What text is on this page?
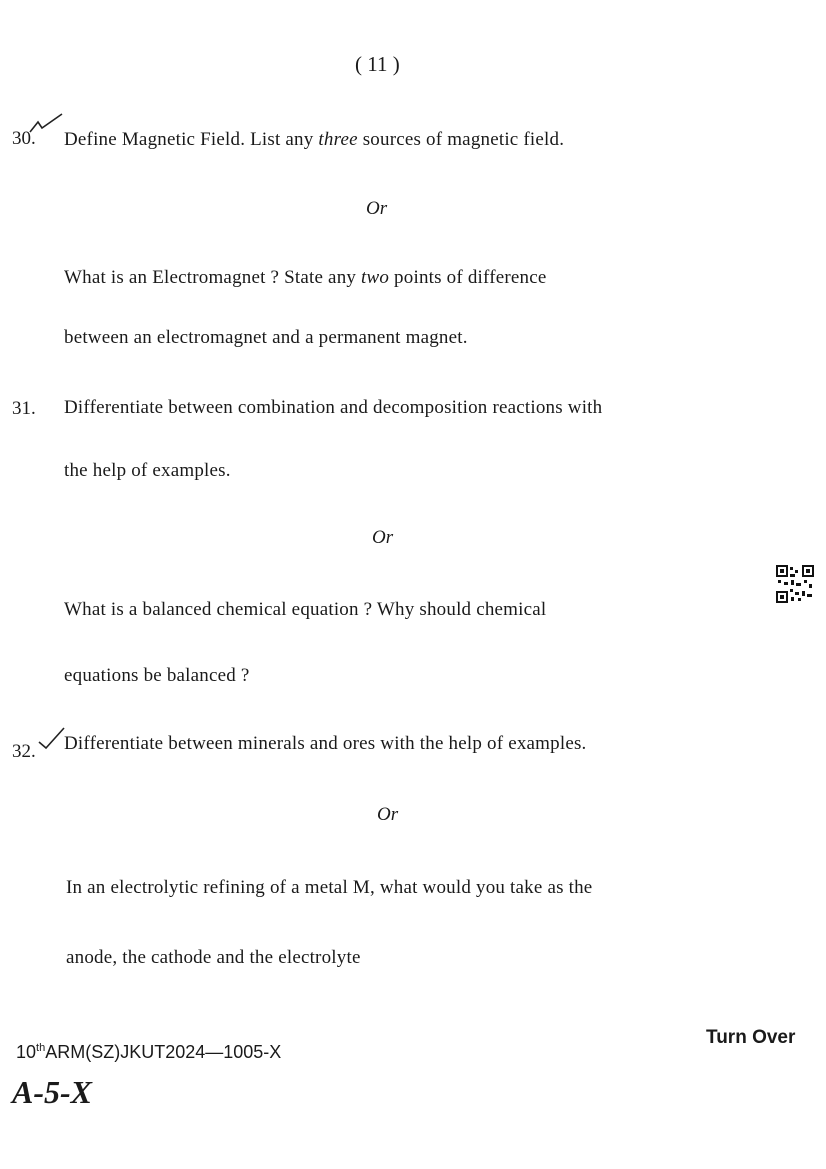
( 11 )
30. Define Magnetic Field. List any three sources of magnetic field.
Or
What is an Electromagnet ? State any two points of difference
between an electromagnet and a permanent magnet.
31. Differentiate between combination and decomposition reactions with
the help of examples.
Or
What is a balanced chemical equation ? Why should chemical
equations be balanced ?
32. Differentiate between minerals and ores with the help of examples.
Or
In an electrolytic refining of a metal M, what would you take as the
anode, the cathode and the electrolyte
Turn Over
10thARM(SZ)JKUT2024—1005-X
A-5-X
